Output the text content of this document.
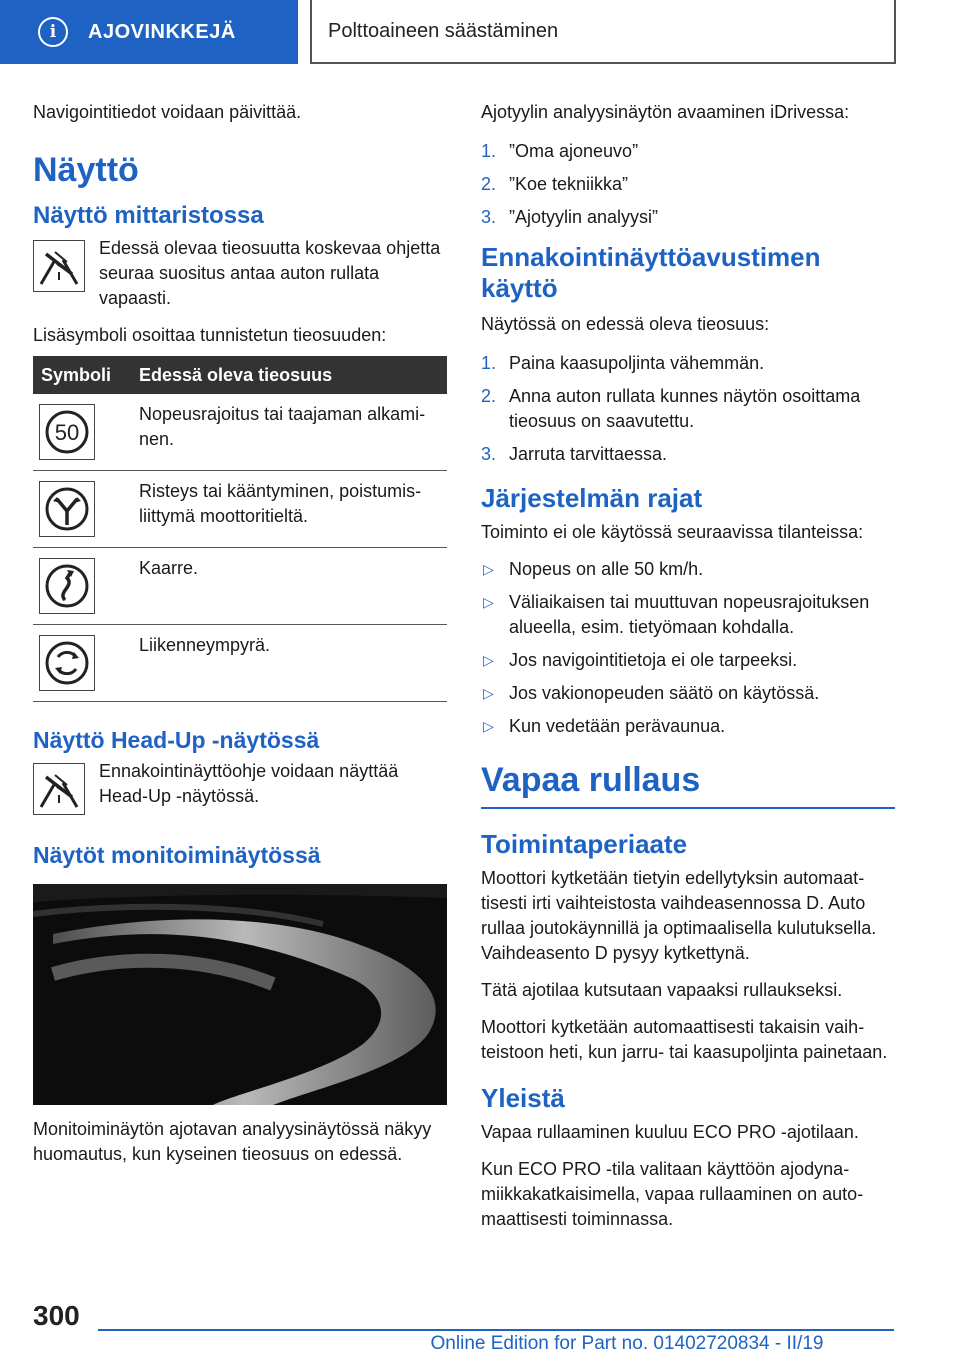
i	AJOVINKKEJÄ	Polttoaineen säästäminen

Navigointitiedot voidaan päivittää.

Näyttö
Näyttö mittaristossa

Edessä olevaa tieosuutta koskevaa ohjetta seuraa suositus antaa auton rullata vapaasti.

Lisäsymboli osoittaa tunnistetun tieosuuden:

Symboli	Edessä oleva tieosuus

50	Nopeusrajoitus tai taajaman alkaminen.

	Risteys tai kääntyminen, poistumisliittymä moottoritieltä.

	Kaarre.

	Liikenneympyrä.
Näyttö Head-Up -näytössä

Ennakointinäyttöohje voidaan näyttää Head-Up -näytössä.

Näytöt monitoiminäytössä

Monitoiminäytön ajotavan analyysinäytössä näkyy huomautus, kun kyseinen tieosuus on edessä.

Ajotyylin analyysinäytön avaaminen iDrivessa:

1. ”Oma ajoneuvo”
2. ”Koe tekniikka”
3. ”Ajotyylin analyysi”
Ennakointinäyttöavustimen käyttö

Näytössä on edessä oleva tieosuus:

1. Paina kaasupoljinta vähemmän.
2. Anna auton rullata kunnes näytön osoittama tieosuus on saavutettu.
3. Jarruta tarvittaessa.
Järjestelmän rajat

Toiminto ei ole käytössä seuraavissa tilanteissa:

▷ Nopeus on alle 50 km/h.
▷ Väliaikaisen tai muuttuvan nopeusrajoituksen alueella, esim. tietyömaan kohdalla.
▷ Jos navigointitietoja ei ole tarpeeksi.
▷ Jos vakionopeuden säätö on käytössä.
▷ Kun vedetään perävaunua.
Vapaa rullaus
Toimintaperiaate

Moottori kytketään tietyin edellytyksin automaattisesti irti vaihteistosta vaihdeasennossa D. Auto rullaa joutokäynnillä ja optimaalisella kulutuksella. Vaihdeasento D pysyy kytkettynä.

Tätä ajotilaa kutsutaan vapaaksi rullaukseksi.

Moottori kytketään automaattisesti takaisin vaihteistoon heti, kun jarru- tai kaasupoljinta painetaan.

Yleistä

Vapaa rullaaminen kuuluu ECO PRO -ajotilaan.

Kun ECO PRO -tila valitaan käyttöön ajodynamiikkakatkaisimella, vapaa rullaaminen on automaattisesti toiminnassa.

300
Online Edition for Part no. 01402720834 - II/19
